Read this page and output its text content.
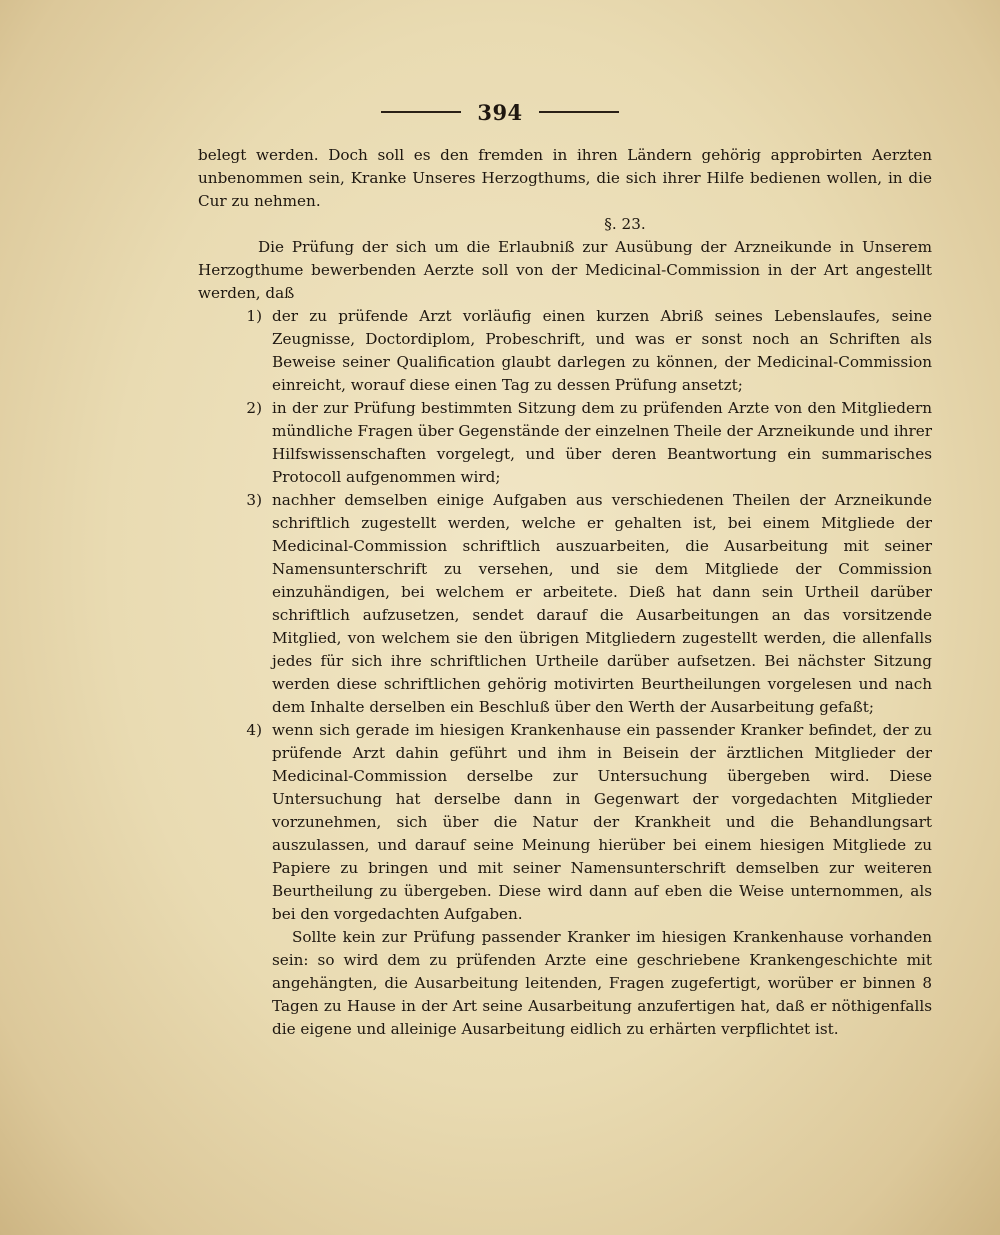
394

belegt werden. Doch soll es den fremden in ihren Ländern gehörig approbirten Aerzten unbenommen sein, Kranke Unseres Herzogthums, die sich ihrer Hilfe bedienen wollen, in die Cur zu nehmen.

§. 23.

Die Prüfung der sich um die Erlaubniß zur Ausübung der Arzneikunde in Unserem Herzogthume bewerbenden Aerzte soll von der Medicinal-Commission in der Art angestellt werden, daß

1) der zu prüfende Arzt vorläufig einen kurzen Abriß seines Lebenslaufes, seine Zeugnisse, Doctordiplom, Probeschrift, und was er sonst noch an Schriften als Beweise seiner Qualification glaubt darlegen zu können, der Medicinal-Commission einreicht, worauf diese einen Tag zu dessen Prüfung ansetzt;
2) in der zur Prüfung bestimmten Sitzung dem zu prüfenden Arzte von den Mitgliedern mündliche Fragen über Gegenstände der einzelnen Theile der Arzneikunde und ihrer Hilfswissenschaften vorgelegt, und über deren Beantwortung ein summarisches Protocoll aufgenommen wird;
3) nachher demselben einige Aufgaben aus verschiedenen Theilen der Arzneikunde schriftlich zugestellt werden, welche er gehalten ist, bei einem Mitgliede der Medicinal-Commission schriftlich auszuarbeiten, die Ausarbeitung mit seiner Namensunterschrift zu versehen, und sie dem Mitgliede der Commission einzuhändigen, bei welchem er arbeitete. Dieß hat dann sein Urtheil darüber schriftlich aufzusetzen, sendet darauf die Ausarbeitungen an das vorsitzende Mitglied, von welchem sie den übrigen Mitgliedern zugestellt werden, die allenfalls jedes für sich ihre schriftlichen Urtheile darüber aufsetzen. Bei nächster Sitzung werden diese schriftlichen gehörig motivirten Beurtheilungen vorgelesen und nach dem Inhalte derselben ein Beschluß über den Werth der Ausarbeitung gefaßt;
4) wenn sich gerade im hiesigen Krankenhause ein passender Kranker befindet, der zu prüfende Arzt dahin geführt und ihm in Beisein der ärztlichen Mitglieder der Medicinal-Commission derselbe zur Untersuchung übergeben wird. Diese Untersuchung hat derselbe dann in Gegenwart der vorgedachten Mitglieder vorzunehmen, sich über die Natur der Krankheit und die Behandlungsart auszulassen, und darauf seine Meinung hierüber bei einem hiesigen Mitgliede zu Papiere zu bringen und mit seiner Namensunterschrift demselben zur weiteren Beurtheilung zu übergeben. Diese wird dann auf eben die Weise unternommen, als bei den vorgedachten Aufgaben.

Sollte kein zur Prüfung passender Kranker im hiesigen Krankenhause vorhanden sein: so wird dem zu prüfenden Arzte eine geschriebene Krankengeschichte mit angehängten, die Ausarbeitung leitenden, Fragen zugefertigt, worüber er binnen 8 Tagen zu Hause in der Art seine Ausarbeitung anzufertigen hat, daß er nöthigenfalls die eigene und alleinige Ausarbeitung eidlich zu erhärten verpflichtet ist.
